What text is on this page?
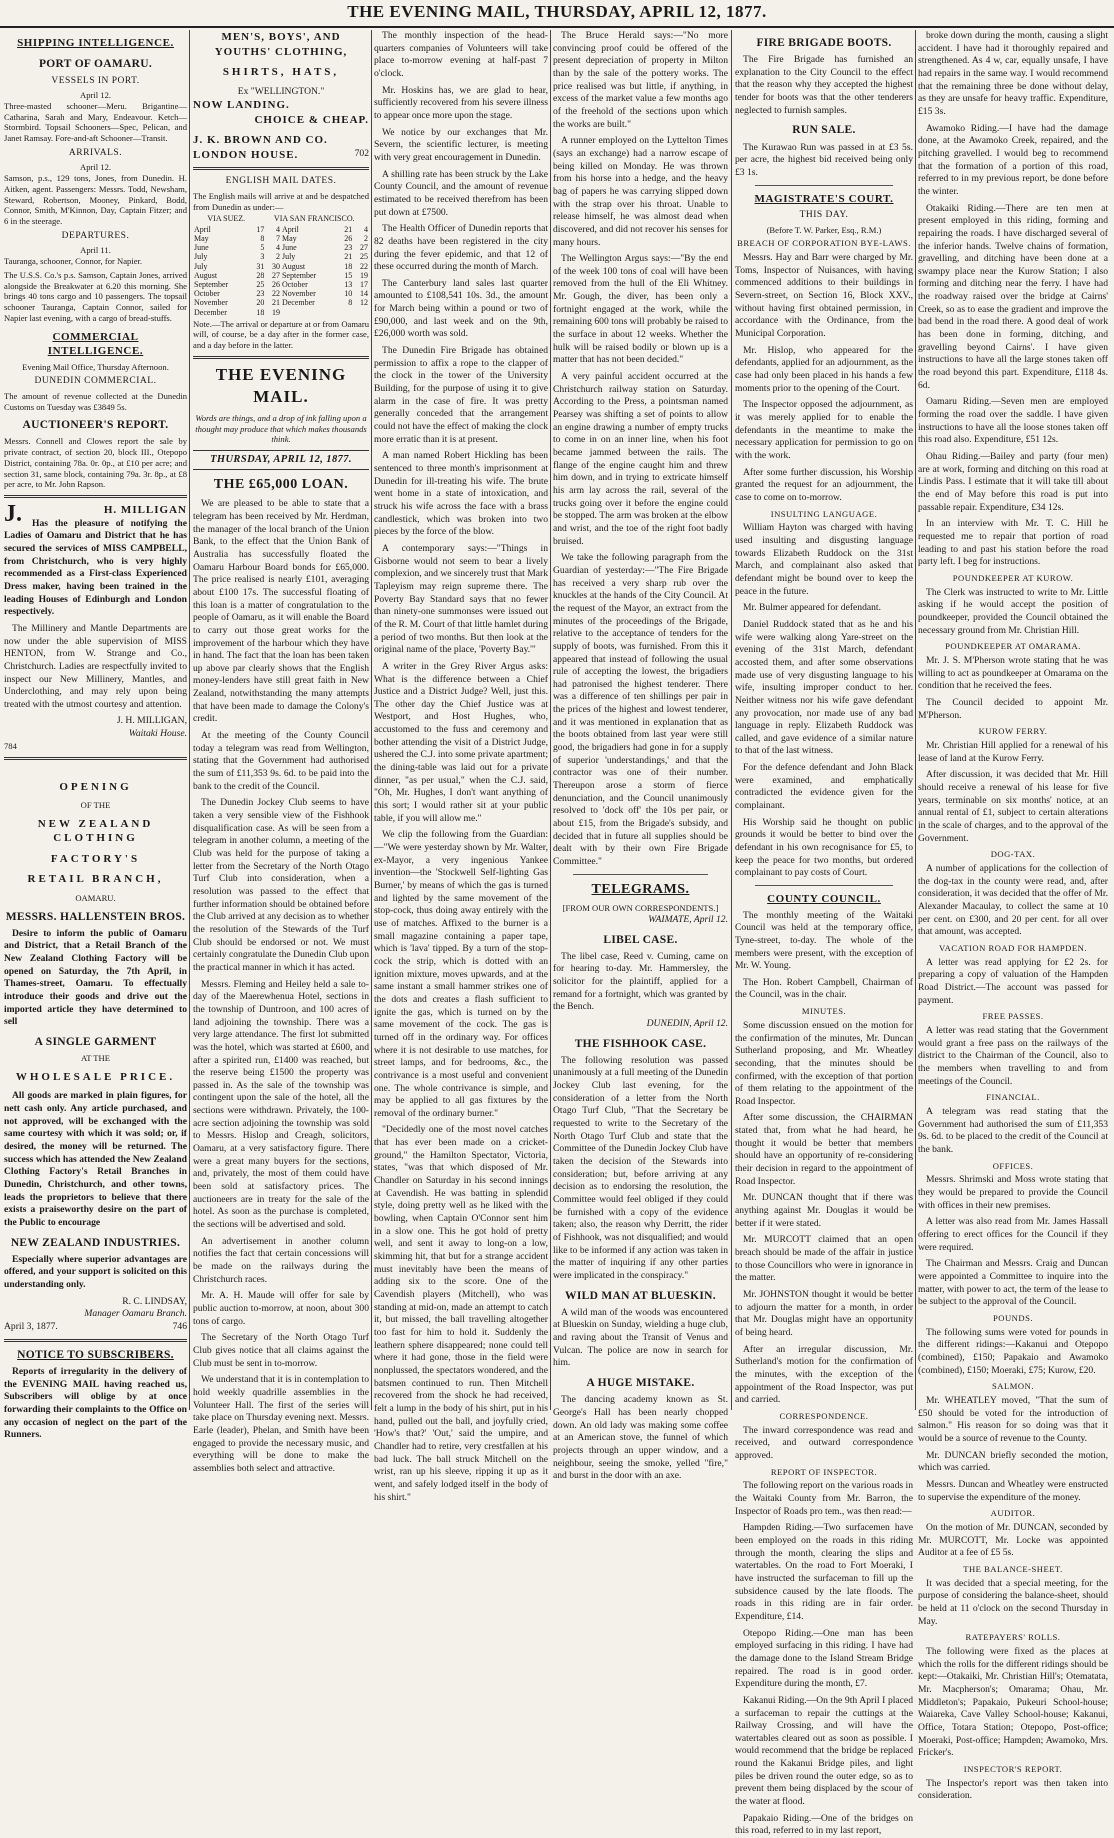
THE EVENING MAIL, THURSDAY, APRIL 12, 1877.
SHIPPING INTELLIGENCE.
PORT OF OAMARU.
VESSELS IN PORT.
April 12.
Three-masted schooner—Meru. Brigantine—Catharina, Sarah and Mary, Endeavour. Ketch—Stormbird. Topsail Schooners—Spec, Pelican, and Janet Ramsay. Fore-and-aft Schooner—Transit.
ARRIVALS.
April 12.
Samson, p.s., 129 tons, Jones, from Dunedin. H. Aitken, agent. Passengers: Messrs. Todd, Newsham, Steward, Robertson, Mooney, Pinkard, Bodd, Connor, Smith, M'Kinnon, Day, Captain Fitzer; and 6 in the steerage.
DEPARTURES.
April 11.
Tauranga, schooner, Connor, for Napier.
The U.S.S. Co.'s p.s. Samson, Captain Jones, arrived alongside the Breakwater at 6.20 this morning. She brings 40 tons cargo and 10 passengers. The topsail schooner Tauranga, Captain Connor, sailed for Napier last evening, with a cargo of bread-stuffs.
COMMERCIAL INTELLIGENCE.
Evening Mail Office, Thursday Afternoon.
DUNEDIN COMMERCIAL.
The amount of revenue collected at the Dunedin Customs on Tuesday was £3849 5s.
AUCTIONEER'S REPORT.
Messrs. Connell and Clowes report the sale by private contract, of section 20, block III., Otepopo District, containing 78a. 0r. 0p., at £10 per acre; and section 31, same block, containing 79a. 3r. 8p., at £8 per acre, to Mr. John Rapson.
J.	H. MILLIGAN

Has the pleasure of notifying the Ladies of Oamaru and District that he has secured the services of MISS CAMPBELL, from Christchurch, who is very highly recommended as a First-class Experienced Dress maker, having been trained in the leading Houses of Edinburgh and London respectively.

The Millinery and Mantle Departments are now under the able supervision of MISS HENTON, from W. Strange and Co., Christchurch. Ladies are respectfully invited to inspect our New Millinery, Mantles, and Underclothing, and may rely upon being treated with the utmost courtesy and attention.

J. H. MILLIGAN,
Waitaki House.
784
OPENING
OF THE
NEW ZEALAND CLOTHING
FACTORY'S
RETAIL BRANCH,
OAMARU.
MESSRS. HALLENSTEIN BROS.

Desire to inform the public of Oamaru and District, that a Retail Branch of the New Zealand Clothing Factory will be opened on Saturday, the 7th April, in Thames-street, Oamaru. To effectually introduce their goods and drive out the imported article they have determined to sell

A SINGLE GARMENT
AT THE
WHOLESALE PRICE.

All goods are marked in plain figures, for nett cash only. Any article purchased, and not approved, will be exchanged with the same courtesy with which it was sold; or, if desired, the money will be returned. The success which has attended the New Zealand Clothing Factory's Retail Branches in Dunedin, Christchurch, and other towns, leads the proprietors to believe that there exists a praiseworthy desire on the part of the Public to encourage

NEW ZEALAND INDUSTRIES.

Especially where superior advantages are offered, and your support is solicited on this understanding only.

R. C. LINDSAY,
Manager Oamaru Branch.
April 3, 1877.	746
NOTICE TO SUBSCRIBERS.

Reports of irregularity in the delivery of the EVENING MAIL having reached us, Subscribers will oblige by at once forwarding their complaints to the Office on any occasion of neglect on the part of the Runners.

MEN'S, BOYS', AND YOUTHS' CLOTHING,
SHIRTS, HATS,
Ex "WELLINGTON."
NOW LANDING.
CHOICE & CHEAP.
J. K. BROWN AND CO.
LONDON HOUSE.	702
ENGLISH MAIL DATES.
The English mails will arrive at and be despatched from Dunedin as under:—
VIA SUEZ.	VIA SAN FRANCISCO.
April	17	4	April	21	4
May	8	7	May	26	2
June	5	4	June	23	27
July	3	2	July	21	25
July	31	30	August	18	22
August	28	27	September	15	19
September	25	26	October	13	17
October	23	22	November	10	14
November	20	21	December	8	12
December	18	19			
Note.—The arrival or departure at or from Oamaru will, of course, be a day after in the former case, and a day before in the latter.
THE EVENING MAIL.
Words are things, and a drop of ink falling upon a thought may produce that which makes thousands think.
THURSDAY, APRIL 12, 1877.
THE £65,000 LOAN.

We are pleased to be able to state that a telegram has been received by Mr. Herdman, the manager of the local branch of the Union Bank, to the effect that the Union Bank of Australia has successfully floated the Oamaru Harbour Board bonds for £65,000. The price realised is nearly £101, averaging about £100 17s. The successful floating of this loan is a matter of congratulation to the people of Oamaru, as it will enable the Board to carry out those great works for the improvement of the harbour which they have in hand. The fact that the loan has been taken up above par clearly shows that the English money-lenders have still great faith in New Zealand, notwithstanding the many attempts that have been made to damage the Colony's credit.

At the meeting of the County Council today a telegram was read from Wellington, stating that the Government had authorised the sum of £11,353 9s. 6d. to be paid into the bank to the credit of the Council.

The Dunedin Jockey Club seems to have taken a very sensible view of the Fishhook disqualification case. As will be seen from a telegram in another column, a meeting of the Club was held for the purpose of taking a letter from the Secretary of the North Otago Turf Club into consideration, when a resolution was passed to the effect that further information should be obtained before the Club arrived at any decision as to whether the resolution of the Stewards of the Turf Club should be endorsed or not. We must certainly congratulate the Dunedin Club upon the practical manner in which it has acted.

Messrs. Fleming and Heiley held a sale to-day of the Maerewhenua Hotel, sections in the township of Duntroon, and 100 acres of land adjoining the township. There was a very large attendance. The first lot submitted was the hotel, which was started at £600, and after a spirited run, £1400 was reached, but the reserve being £1500 the property was passed in. As the sale of the township was contingent upon the sale of the hotel, all the sections were withdrawn. Privately, the 100-acre section adjoining the township was sold to Messrs. Hislop and Creagh, solicitors, Oamaru, at a very satisfactory figure. There were a great many buyers for the sections, and, privately, the most of them could have been sold at satisfactory prices. The auctioneers are in treaty for the sale of the hotel. As soon as the purchase is completed, the sections will be advertised and sold.

An advertisement in another column notifies the fact that certain concessions will be made on the railways during the Christchurch races.

Mr. A. H. Maude will offer for sale by public auction to-morrow, at noon, about 300 tons of cargo.

The Secretary of the North Otago Turf Club gives notice that all claims against the Club must be sent in to-morrow.

We understand that it is in contemplation to hold weekly quadrille assemblies in the Volunteer Hall. The first of the series will take place on Thursday evening next. Messrs. Earle (leader), Phelan, and Smith have been engaged to provide the necessary music, and everything will be done to make the assemblies both select and attractive.

The monthly inspection of the head-quarters companies of Volunteers will take place to-morrow evening at half-past 7 o'clock.

Mr. Hoskins has, we are glad to hear, sufficiently recovered from his severe illness to appear once more upon the stage.

We notice by our exchanges that Mr. Severn, the scientific lecturer, is meeting with very great encouragement in Dunedin.

A shilling rate has been struck by the Lake County Council, and the amount of revenue estimated to be received therefrom has been put down at £7500.

The Health Officer of Dunedin reports that 82 deaths have been registered in the city during the fever epidemic, and that 12 of these occurred during the month of March.

The Canterbury land sales last quarter amounted to £108,541 10s. 3d., the amount for March being within a pound or two of £90,000, and last week and on the 9th, £26,000 worth was sold.

The Dunedin Fire Brigade has obtained permission to affix a rope to the clapper of the clock in the tower of the University Building, for the purpose of using it to give alarm in the case of fire. It was pretty generally conceded that the arrangement could not have the effect of making the clock more erratic than it is at present.

A man named Robert Hickling has been sentenced to three month's imprisonment at Dunedin for ill-treating his wife. The brute went home in a state of intoxication, and struck his wife across the face with a brass candlestick, which was broken into two pieces by the force of the blow.

A contemporary says:—"Things in Gisborne would not seem to bear a lively complexion, and we sincerely trust that Mark Tapleyism may reign supreme there. The Poverty Bay Standard says that no fewer than ninety-one summonses were issued out of the R. M. Court of that little hamlet during a period of two months. But then look at the original name of the place, 'Poverty Bay.'"

A writer in the Grey River Argus asks: What is the difference between a Chief Justice and a District Judge? Well, just this. The other day the Chief Justice was at Westport, and Host Hughes, who, accustomed to the fuss and ceremony and bother attending the visit of a District Judge, ushered the C.J. into some private apartment; the dining-table was laid out for a private dinner, "as per usual," when the C.J. said, "Oh, Mr. Hughes, I don't want anything of this sort; I would rather sit at your public table, if you will allow me."

We clip the following from the Guardian:—"We were yesterday shown by Mr. Walter, ex-Mayor, a very ingenious Yankee invention—the 'Stockwell Self-lighting Gas Burner,' by means of which the gas is turned and lighted by the same movement of the stop-cock, thus doing away entirely with the use of matches. Affixed to the burner is a small magazine containing a paper tape, which is 'lava' tipped. By a turn of the stop-cock the strip, which is dotted with an ignition mixture, moves upwards, and at the same instant a small hammer strikes one of the dots and creates a flash sufficient to ignite the gas, which is turned on by the same movement of the cock. The gas is turned off in the ordinary way. For offices where it is not desirable to use matches, for street lamps, and for bedrooms, &c., the contrivance is a most useful and convenient one. The whole contrivance is simple, and may be applied to all gas fixtures by the removal of the ordinary burner."

"Decidedly one of the most novel catches that has ever been made on a cricket-ground," the Hamilton Spectator, Victoria, states, "was that which disposed of Mr. Chandler on Saturday in his second innings at Cavendish. He was batting in splendid style, doing pretty well as he liked with the bowling, when Captain O'Connor sent him in a slow one. This he got hold of pretty well, and sent it away to long-on a low, skimming hit, that but for a strange accident must inevitably have been the means of adding six to the score. One of the Cavendish players (Mitchell), who was standing at mid-on, made an attempt to catch it, but missed, the ball travelling altogether too fast for him to hold it. Suddenly the leathern sphere disappeared; none could tell where it had gone, those in the field were nonplussed, the spectators wondered, and the batsmen continued to run. Then Mitchell recovered from the shock he had received, felt a lump in the body of his shirt, put in his hand, pulled out the ball, and joyfully cried, 'How's that?' 'Out,' said the umpire, and Chandler had to retire, very crestfallen at his bad luck. The ball struck Mitchell on the wrist, ran up his sleeve, ripping it up as it went, and safely lodged itself in the body of his shirt."

The Bruce Herald says:—"No more convincing proof could be offered of the present depreciation of property in Milton than by the sale of the pottery works. The price realised was but little, if anything, in excess of the market value a few months ago of the freehold of the sections upon which the works are built."

A runner employed on the Lyttelton Times (says an exchange) had a narrow escape of being killed on Monday. He was thrown from his horse into a hedge, and the heavy bag of papers he was carrying slipped down with the strap over his throat. Unable to release himself, he was almost dead when discovered, and did not recover his senses for many hours.

The Wellington Argus says:—"By the end of the week 100 tons of coal will have been removed from the hull of the Eli Whitney. Mr. Gough, the diver, has been only a fortnight engaged at the work, while the remaining 600 tons will probably be raised to the surface in about 12 weeks. Whether the hulk will be raised bodily or blown up is a matter that has not been decided."

A very painful accident occurred at the Christchurch railway station on Saturday. According to the Press, a pointsman named Pearsey was shifting a set of points to allow an engine drawing a number of empty trucks to come in on an inner line, when his foot became jammed between the rails. The flange of the engine caught him and threw him down, and in trying to extricate himself his arm lay across the rail, several of the trucks going over it before the engine could be stopped. The arm was broken at the elbow and wrist, and the toe of the right foot badly bruised.

We take the following paragraph from the Guardian of yesterday:—"The Fire Brigade has received a very sharp rub over the knuckles at the hands of the City Council. At the request of the Mayor, an extract from the minutes of the proceedings of the Brigade, relative to the acceptance of tenders for the supply of boots, was furnished. From this it appeared that instead of following the usual rule of accepting the lowest, the brigadiers had patronised the highest tenderer. There was a difference of ten shillings per pair in the prices of the highest and lowest tenderer, and it was mentioned in explanation that as the boots obtained from last year were still good, the brigadiers had gone in for a supply of superior 'understandings,' and that the contractor was one of their number. Thereupon arose a storm of fierce denunciation, and the Council unanimously resolved to 'dock off' the 10s per pair, or about £15, from the Brigade's subsidy, and decided that in future all supplies should be dealt with by their own Fire Brigade Committee."

TELEGRAMS.
[FROM OUR OWN CORRESPONDENTS.]
WAIMATE, April 12.
LIBEL CASE.

The libel case, Reed v. Cuming, came on for hearing to-day. Mr. Hammersley, the solicitor for the plaintiff, applied for a remand for a fortnight, which was granted by the Bench.

DUNEDIN, April 12.
THE FISHHOOK CASE.

The following resolution was passed unanimously at a full meeting of the Dunedin Jockey Club last evening, for the consideration of a letter from the North Otago Turf Club, "That the Secretary be requested to write to the Secretary of the North Otago Turf Club and state that the Committee of the Dunedin Jockey Club have taken the decision of the Stewards into consideration; but, before arriving at any decision as to endorsing the resolution, the Committee would feel obliged if they could be furnished with a copy of the evidence taken; also, the reason why Derritt, the rider of Fishhook, was not disqualified; and would like to be informed if any action was taken in the matter of inquiring if any other parties were implicated in the conspiracy."

WILD MAN AT BLUESKIN.

A wild man of the woods was encountered at Blueskin on Sunday, wielding a huge club, and raving about the Transit of Venus and Vulcan. The police are now in search for him.

A HUGE MISTAKE.

The dancing academy known as St. George's Hall has been nearly chopped down. An old lady was making some coffee at an American stove, the funnel of which projects through an upper window, and a neighbour, seeing the smoke, yelled "fire," and burst in the door with an axe.

FIRE BRIGADE BOOTS.

The Fire Brigade has furnished an explanation to the City Council to the effect that the reason why they accepted the highest tender for boots was that the other tenderers neglected to furnish samples.

RUN SALE.

The Kurawao Run was passed in at £3 5s. per acre, the highest bid received being only £3 1s.

MAGISTRATE'S COURT.
THIS DAY.
(Before T. W. Parker, Esq., R.M.)
BREACH OF CORPORATION BYE-LAWS.

Messrs. Hay and Barr were charged by Mr. Toms, Inspector of Nuisances, with having commenced additions to their buildings in Severn-street, on Section 16, Block XXV., without having first obtained permission, in accordance with the Ordinance, from the Municipal Corporation.

Mr. Hislop, who appeared for the defendants, applied for an adjournment, as the case had only been placed in his hands a few moments prior to the opening of the Court.

The Inspector opposed the adjournment, as it was merely applied for to enable the defendants in the meantime to make the necessary application for permission to go on with the work.

After some further discussion, his Worship granted the request for an adjournment, the case to come on to-morrow.

INSULTING LANGUAGE.

William Hayton was charged with having used insulting and disgusting language towards Elizabeth Ruddock on the 31st March, and complainant also asked that defendant might be bound over to keep the peace in the future.

Mr. Bulmer appeared for defendant.

Daniel Ruddock stated that as he and his wife were walking along Yare-street on the evening of the 31st March, defendant accosted them, and after some observations made use of very disgusting language to his wife, insulting improper conduct to her. Neither witness nor his wife gave defendant any provocation, nor made use of any bad language in reply. Elizabeth Ruddock was called, and gave evidence of a similar nature to that of the last witness.

For the defence defendant and John Black were examined, and emphatically contradicted the evidence given for the complainant.

His Worship said he thought on public grounds it would be better to bind over the defendant in his own recognisance for £5, to keep the peace for two months, but ordered complainant to pay costs of Court.

COUNTY COUNCIL.

The monthly meeting of the Waitaki Council was held at the temporary office, Tyne-street, to-day. The whole of the members were present, with the exception of Mr. W. Young.

The Hon. Robert Campbell, Chairman of the Council, was in the chair.

MINUTES.

Some discussion ensued on the motion for the confirmation of the minutes, Mr. Duncan Sutherland proposing, and Mr. Wheatley seconding, that the minutes should be confirmed, with the exception of that portion of them relating to the appointment of the Road Inspector.

After some discussion, the CHAIRMAN stated that, from what he had heard, he thought it would be better that members should have an opportunity of re-considering their decision in regard to the appointment of Road Inspector.

Mr. DUNCAN thought that if there was anything against Mr. Douglas it would be better if it were stated.

Mr. MURCOTT claimed that an open breach should be made of the affair in justice to those Councillors who were in ignorance in the matter.

Mr. JOHNSTON thought it would be better to adjourn the matter for a month, in order that Mr. Douglas might have an opportunity of being heard.

After an irregular discussion, Mr. Sutherland's motion for the confirmation of the minutes, with the exception of the appointment of the Road Inspector, was put and carried.

CORRESPONDENCE.

The inward correspondence was read and received, and outward correspondence approved.

REPORT OF INSPECTOR.

The following report on the various roads in the Waitaki County from Mr. Barron, the Inspector of Roads pro tem., was then read:—

Hampden Riding.—Two surfacemen have been employed on the roads in this riding through the month, clearing the slips and watertables. On the road to Fort Moeraki, I have instructed the surfaceman to fill up the subsidence caused by the late floods. The roads in this riding are in fair order. Expenditure, £14.

Otepopo Riding.—One man has been employed surfacing in this riding. I have had the damage done to the Island Stream Bridge repaired. The road is in good order. Expenditure during the month, £7.

Kakanui Riding.—On the 9th April I placed a surfaceman to repair the cuttings at the Railway Crossing, and will have the watertables cleared out as soon as possible. I would recommend that the bridge be replaced round the Kakanui Bridge piles, and light piles be driven round the outer edge, so as to prevent them being displaced by the scour of the water at flood.

Papakaio Riding.—One of the bridges on this road, referred to in my last report,

broke down during the month, causing a slight accident. I have had it thoroughly repaired and strengthened. As 4 w, car, equally unsafe, I have had repairs in the same way. I would recommend that the remaining three be done without delay, as they are unsafe for heavy traffic. Expenditure, £15 3s.

Awamoko Riding.—I have had the damage done, at the Awamoko Creek, repaired, and the pitching gravelled. I would beg to recommend that the formation of a portion of this road, referred to in my previous report, be done before the winter.

Otakaiki Riding.—There are ten men at present employed in this riding, forming and repairing the roads. I have discharged several of the inferior hands. Twelve chains of formation, gravelling, and ditching have been done at a swampy place near the Kurow Station; I also forming and ditching near the ferry. I have had the roadway raised over the bridge at Cairns' Creek, so as to ease the gradient and improve the bad bend in the road there. A good deal of work has been done in forming, ditching, and gravelling beyond Cairns'. I have given instructions to have all the large stones taken off the road beyond this part. Expenditure, £118 4s. 6d.

Oamaru Riding.—Seven men are employed forming the road over the saddle. I have given instructions to have all the loose stones taken off this road also. Expenditure, £51 12s.

Ohau Riding.—Bailey and party (four men) are at work, forming and ditching on this road at Lindis Pass. I estimate that it will take till about the end of May before this road is put into passable repair. Expenditure, £34 12s.

In an interview with Mr. T. C. Hill he requested me to repair that portion of road leading to and past his station before the road party left. I beg for instructions.

POUNDKEEPER AT KUROW.

The Clerk was instructed to write to Mr. Little asking if he would accept the position of poundkeeper, provided the Council obtained the necessary ground from Mr. Christian Hill.

POUNDKEEPER AT OMARAMA.

Mr. J. S. M'Pherson wrote stating that he was willing to act as poundkeeper at Omarama on the condition that he received the fees.

The Council decided to appoint Mr. M'Pherson.

KUROW FERRY.

Mr. Christian Hill applied for a renewal of his lease of land at the Kurow Ferry.

After discussion, it was decided that Mr. Hill should receive a renewal of his lease for five years, terminable on six months' notice, at an annual rental of £1, subject to certain alterations in the scale of charges, and to the approval of the Government.

DOG-TAX.

A number of applications for the collection of the dog-tax in the county were read, and, after consideration, it was decided that the offer of Mr. Alexander Macaulay, to collect the same at 10 per cent. on £300, and 20 per cent. for all over that amount, was accepted.

VACATION ROAD FOR HAMPDEN.

A letter was read applying for £2 2s. for preparing a copy of valuation of the Hampden Road District.—The account was passed for payment.

FREE PASSES.

A letter was read stating that the Government would grant a free pass on the railways of the district to the Chairman of the Council, also to the members when travelling to and from meetings of the Council.

FINANCIAL.

A telegram was read stating that the Government had authorised the sum of £11,353 9s. 6d. to be placed to the credit of the Council at the bank.

OFFICES.

Messrs. Shrimski and Moss wrote stating that they would be prepared to provide the Council with offices in their new premises.

A letter was also read from Mr. James Hassall offering to erect offices for the Council if they were required.

The Chairman and Messrs. Craig and Duncan were appointed a Committee to inquire into the matter, with power to act, the term of the lease to be subject to the approval of the Council.

POUNDS.

The following sums were voted for pounds in the different ridings:—Kakanui and Otepopo (combined), £150; Papakaio and Awamoko (combined), £150; Moeraki, £75; Kurow, £20.

SALMON.

Mr. WHEATLEY moved, "That the sum of £50 should be voted for the introduction of salmon." His reason for so doing was that it would be a source of revenue to the County.

Mr. DUNCAN briefly seconded the motion, which was carried.

Messrs. Duncan and Wheatley were enstructed to supervise the expenditure of the money.

AUDITOR.

On the motion of Mr. DUNCAN, seconded by Mr. MURCOTT, Mr. Locke was appointed Auditor at a fee of £5 5s.

THE BALANCE-SHEET.

It was decided that a special meeting, for the purpose of considering the balance-sheet, should be held at 11 o'clock on the second Thursday in May.

RATEPAYERS' ROLLS.

The following were fixed as the places at which the rolls for the different ridings should be kept:—Otakaiki, Mr. Christian Hill's; Otematata, Mr. Macpherson's; Omarama; Ohau, Mr. Middleton's; Papakaio, Pukeuri School-house; Waiareka, Cave Valley School-house; Kakanui, Office, Totara Station; Otepopo, Post-office; Moeraki, Post-office; Hampden; Awamoko, Mrs. Fricker's.

INSPECTOR'S REPORT.

The Inspector's report was then taken into consideration.
